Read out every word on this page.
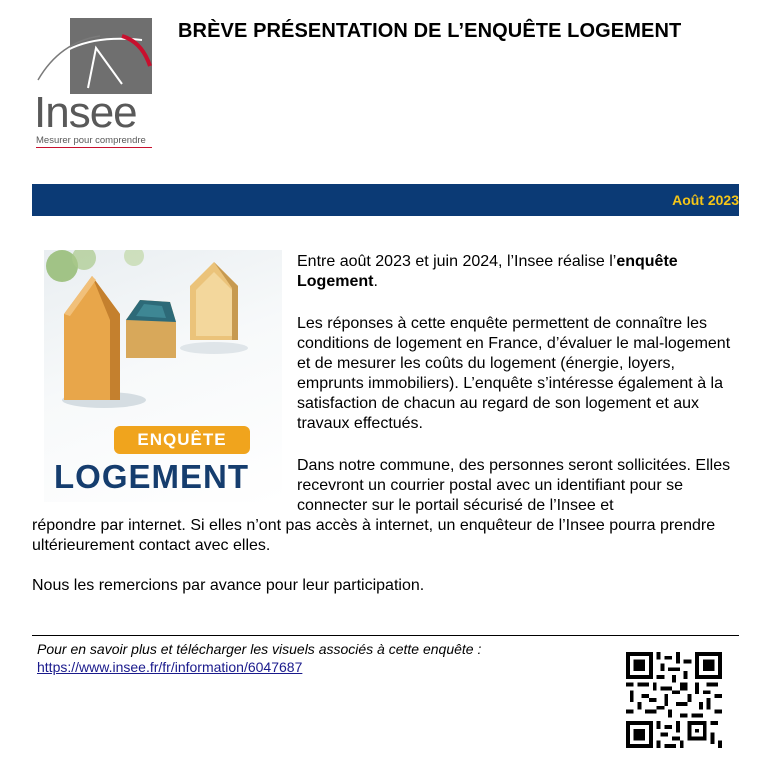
Insee
Mesurer pour comprendre
BRÈVE PRÉSENTATION DE L’ENQUÊTE LOGEMENT
Août 2023
ENQUÊTE
LOGEMENT
Entre août 2023 et juin 2024, l’Insee réalise l’enquête Logement.
Les réponses à cette enquête permettent de connaître les conditions de logement en France, d’évaluer le mal-logement et de mesurer les coûts du logement (énergie, loyers, emprunts immobiliers). L’enquête s’intéresse également à la satisfaction de chacun au regard de son logement et aux travaux effectués.
Dans notre commune, des personnes seront sollicitées. Elles recevront un courrier postal avec un identifiant pour se connecter sur le portail sécurisé de l’Insee et
répondre par internet. Si elles n’ont pas accès à internet, un enquêteur de l’Insee pourra prendre ultérieurement contact avec elles.
Nous les remercions par avance pour leur participation.
Pour en savoir plus et télécharger les visuels associés à cette enquête :
https://www.insee.fr/fr/information/6047687
